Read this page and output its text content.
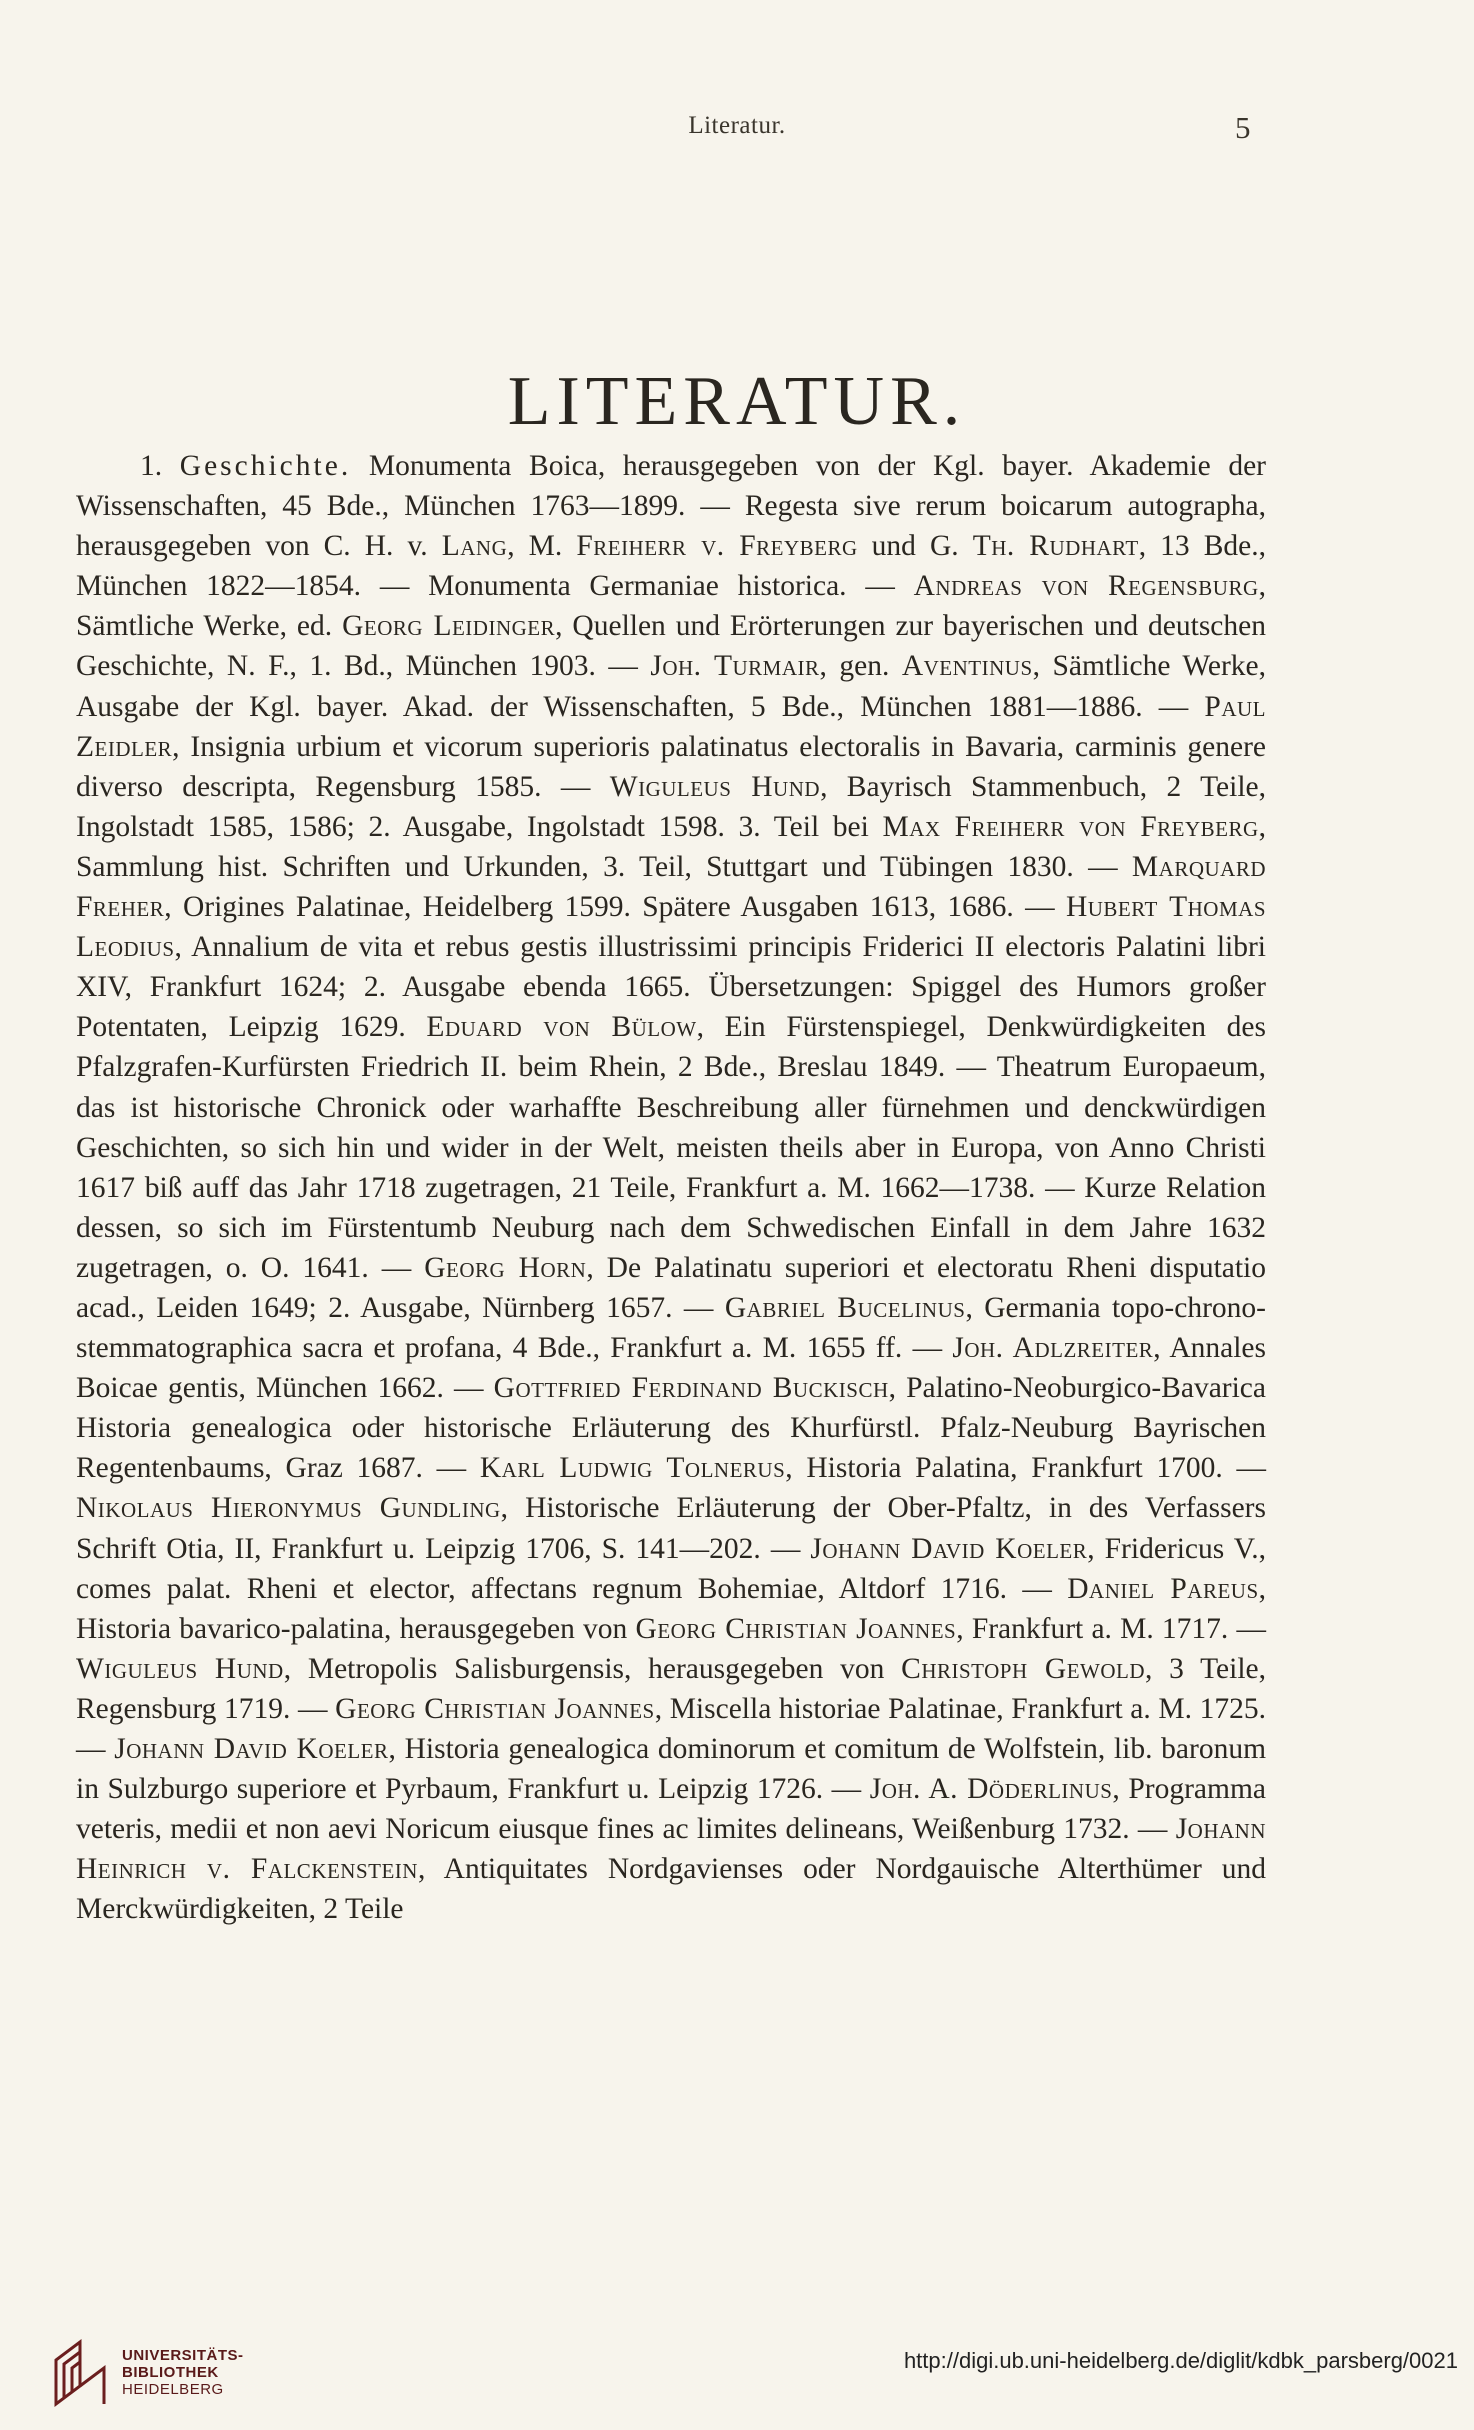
Literatur.	5
LITERATUR.

1. Geschichte. Monumenta Boica, herausgegeben von der Kgl. bayer. Akademie der Wissenschaften, 45 Bde., München 1763—1899. — Regesta sive rerum boicarum autographa, herausgegeben von C. H. v. Lang, M. Freiherr v. Freyberg und G. Th. Rudhart, 13 Bde., München 1822—1854. — Monumenta Germaniae historica. — Andreas von Regensburg, Sämtliche Werke, ed. Georg Leidinger, Quellen und Erörterungen zur bayerischen und deutschen Geschichte, N. F., 1. Bd., München 1903. — Joh. Turmair, gen. Aventinus, Sämtliche Werke, Ausgabe der Kgl. bayer. Akad. der Wissenschaften, 5 Bde., München 1881—1886. — Paul Zeidler, Insignia urbium et vicorum superioris palatinatus electoralis in Bavaria, carminis genere diverso descripta, Regensburg 1585. — Wiguleus Hund, Bayrisch Stammenbuch, 2 Teile, Ingolstadt 1585, 1586; 2. Ausgabe, Ingolstadt 1598. 3. Teil bei Max Freiherr von Freyberg, Sammlung hist. Schriften und Urkunden, 3. Teil, Stuttgart und Tübingen 1830. — Marquard Freher, Origines Palatinae, Heidelberg 1599. Spätere Ausgaben 1613, 1686. — Hubert Thomas Leodius, Annalium de vita et rebus gestis illustrissimi principis Friderici II electoris Palatini libri XIV, Frankfurt 1624; 2. Ausgabe ebenda 1665. Übersetzungen: Spiggel des Humors großer Potentaten, Leipzig 1629. Eduard von Bülow, Ein Fürstenspiegel, Denkwürdigkeiten des Pfalzgrafen-Kurfürsten Friedrich II. beim Rhein, 2 Bde., Breslau 1849. — Theatrum Europaeum, das ist historische Chronick oder warhaffte Beschreibung aller fürnehmen und denckwürdigen Geschichten, so sich hin und wider in der Welt, meisten theils aber in Europa, von Anno Christi 1617 biß auff das Jahr 1718 zugetragen, 21 Teile, Frankfurt a. M. 1662—1738. — Kurze Relation dessen, so sich im Fürstentumb Neuburg nach dem Schwedischen Einfall in dem Jahre 1632 zugetragen, o. O. 1641. — Georg Horn, De Palatinatu superiori et electoratu Rheni disputatio acad., Leiden 1649; 2. Ausgabe, Nürnberg 1657. — Gabriel Bucelinus, Germania topo-chrono-stemmatographica sacra et profana, 4 Bde., Frankfurt a. M. 1655 ff. — Joh. Adlzreiter, Annales Boicae gentis, München 1662. — Gottfried Ferdinand Buckisch, Palatino-Neoburgico-Bavarica Historia genealogica oder historische Erläuterung des Khurfürstl. Pfalz-Neuburg Bayrischen Regentenbaums, Graz 1687. — Karl Ludwig Tolnerus, Historia Palatina, Frankfurt 1700. — Nikolaus Hieronymus Gundling, Historische Erläuterung der Ober-Pfaltz, in des Verfassers Schrift Otia, II, Frankfurt u. Leipzig 1706, S. 141—202. — Johann David Koeler, Fridericus V., comes palat. Rheni et elector, affectans regnum Bohemiae, Altdorf 1716. — Daniel Pareus, Historia bavarico-palatina, herausgegeben von Georg Christian Joannes, Frankfurt a. M. 1717. — Wiguleus Hund, Metropolis Salisburgensis, herausgegeben von Christoph Gewold, 3 Teile, Regensburg 1719. — Georg Christian Joannes, Miscella historiae Palatinae, Frankfurt a. M. 1725. — Johann David Koeler, Historia genealogica dominorum et comitum de Wolfstein, lib. baronum in Sulzburgo superiore et Pyrbaum, Frankfurt u. Leipzig 1726. — Joh. A. Döderlinus, Programma veteris, medii et non aevi Noricum eiusque fines ac limites delineans, Weißenburg 1732. — Johann Heinrich v. Falckenstein, Antiquitates Nordgavienses oder Nordgauische Alterthümer und Merckwürdigkeiten, 2 Teile

UNIVERSITÄTS-
BIBLIOTHEK
HEIDELBERG
http://digi.ub.uni-heidelberg.de/diglit/kdbk_parsberg/0021
